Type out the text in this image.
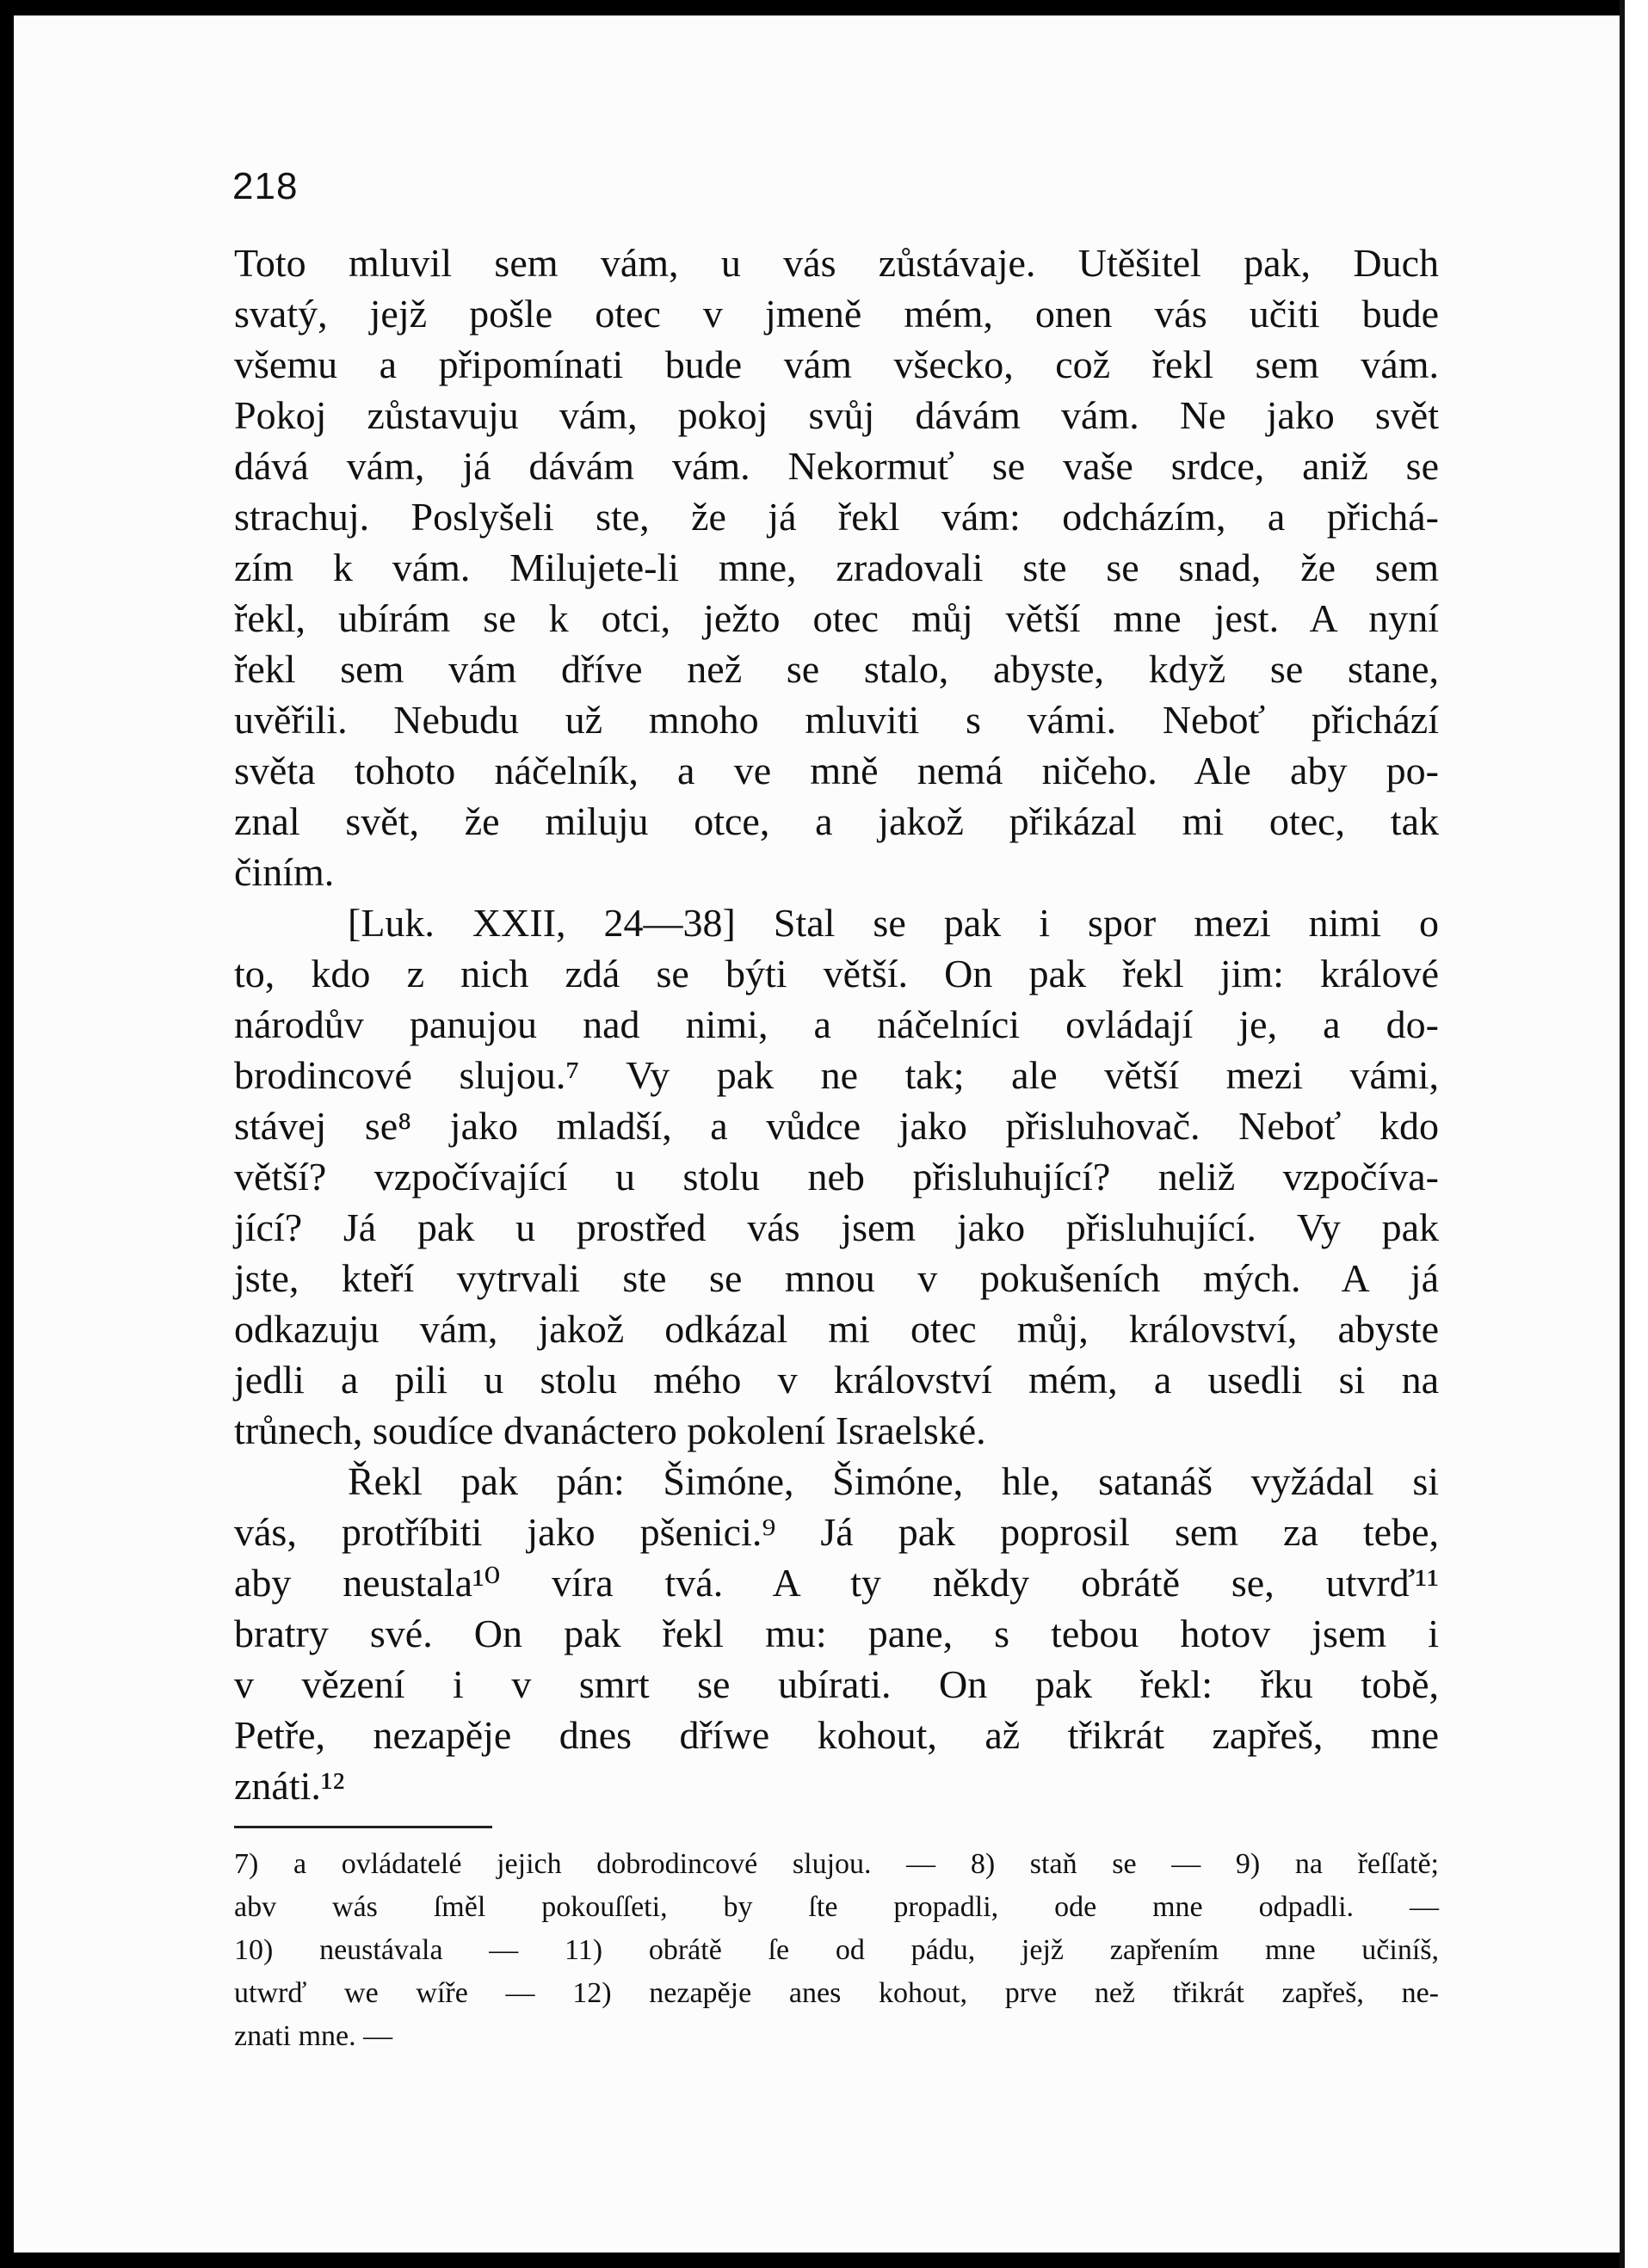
218
Toto mluvil sem vám, u vás zůstávaje. Utěšitel pak, Duch
svatý, jejž pošle otec v jmeně mém, onen vás učiti bude
všemu a připomínati bude vám všecko, což řekl sem vám.
Pokoj zůstavuju vám, pokoj svůj dávám vám. Ne jako svět
dává vám, já dávám vám. Nekormuť se vaše srdce, aniž se
strachuj. Poslyšeli ste, že já řekl vám: odcházím, a přichá-
zím k vám. Milujete-li mne, zradovali ste se snad, že sem
řekl, ubírám se k otci, ježto otec můj větší mne jest. A nyní
řekl sem vám dříve než se stalo, abyste, když se stane,
uvěřili. Nebudu už mnoho mluviti s vámi. Neboť přichází
světa tohoto náčelník, a ve mně nemá ničeho. Ale aby po-
znal svět, že miluju otce, a jakož přikázal mi otec, tak
činím.
[Luk. XXII, 24—38] Stal se pak i spor mezi nimi o
to, kdo z nich zdá se býti větší. On pak řekl jim: králové
národův panujou nad nimi, a náčelníci ovládají je, a do-
brodincové slujou.⁷ Vy pak ne tak; ale větší mezi vámi,
stávej se⁸ jako mladší, a vůdce jako přisluhovač. Neboť kdo
větší? vzpočívající u stolu neb přisluhující? neliž vzpočíva-
jící? Já pak u prostřed vás jsem jako přisluhující. Vy pak
jste, kteří vytrvali ste se mnou v pokušeních mých. A já
odkazuju vám, jakož odkázal mi otec můj, království, abyste
jedli a pili u stolu mého v království mém, a usedli si na
trůnech, soudíce dvanáctero pokolení Israelské.
Řekl pak pán: Šimóne, Šimóne, hle, satanáš vyžádal si
vás, protříbiti jako pšenici.⁹ Já pak poprosil sem za tebe,
aby neustala¹⁰ víra tvá. A ty někdy obrátě se, utvrď¹¹
bratry své. On pak řekl mu: pane, s tebou hotov jsem i
v vězení i v smrt se ubírati. On pak řekl: řku tobě,
Petře, nezapěje dnes dříwe kohout, až třikrát zapřeš, mne
znáti.¹²
7) a ovládatelé jejich dobrodincové slujou. — 8) staň se — 9) na řeſſatě;
abv wás ſměl pokouſſeti, by ſte propadli, ode mne odpadli. —
10) neustávala — 11) obrátě ſe od pádu, jejž zapřením mne učiníš,
utwrď we wíře — 12) nezapěje anes kohout, prve než třikrát zapřeš, ne-
znati mne. —
